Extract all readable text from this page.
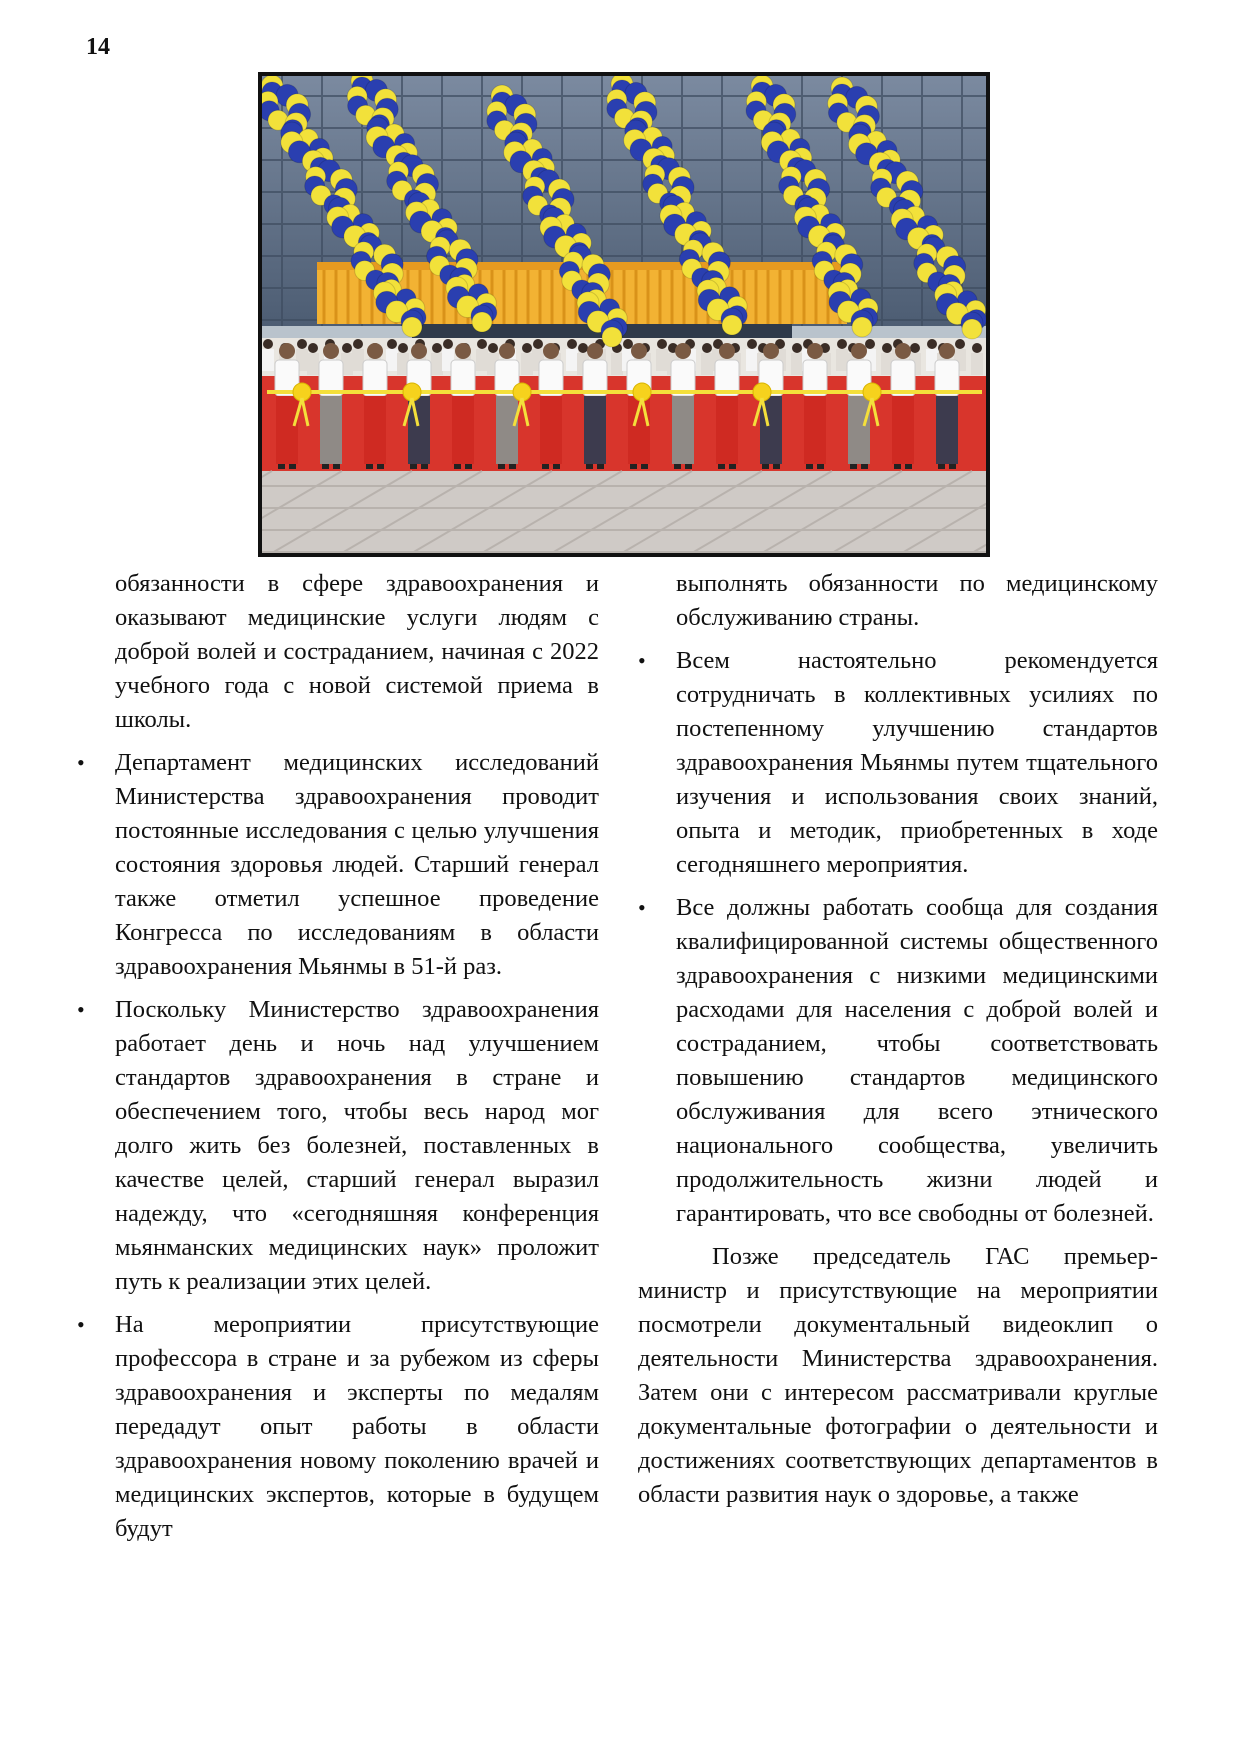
14

обязанности в сфере здравоохранения и оказывают медицинские услуги людям с доброй волей и состраданием, начиная с 2022 учебного года с новой системой приема в школы.

• Департамент медицинских исследований Министерства здравоохранения проводит постоянные исследования с целью улучшения состояния здоровья людей. Старший генерал также отметил успешное проведение Конгресса по исследованиям в области здравоохранения Мьянмы в 51-й раз.
• Поскольку Министерство здравоохранения работает день и ночь над улучшением стандартов здравоохранения в стране и обеспечением того, чтобы весь народ мог долго жить без болезней, поставленных в качестве целей, старший генерал выразил надежду, что «сегодняшняя конференция мьянманских медицинских наук» проложит путь к реализации этих целей.
• На мероприятии присутствующие профессора в стране и за рубежом из сферы здравоохранения и эксперты по медалям передадут опыт работы в области здравоохранения новому поколению врачей и медицинских экспертов, которые в будущем будут

выполнять обязанности по медицинскому обслуживанию страны.

• Всем настоятельно рекомендуется сотрудничать в коллективных усилиях по постепенному улучшению стандартов здравоохранения Мьянмы путем тщательного изучения и использования своих знаний, опыта и методик, приобретенных в ходе сегодняшнего мероприятия.
• Все должны работать сообща для создания квалифицированной системы общественного здравоохранения с низкими медицинскими расходами для населения с доброй волей и состраданием, чтобы соответствовать повышению стандартов медицинского обслуживания для всего этнического национального сообщества, увеличить продолжительность жизни людей и гарантировать, что все свободны от болезней.

Позже председатель ГАС премьер-министр и присутствующие на мероприятии посмотрели документальный видеоклип о деятельности Министерства здравоохранения. Затем они с интересом рассматривали круглые документальные фотографии о деятельности и достижениях соответствующих департаментов в области развития наук о здоровье, а также
